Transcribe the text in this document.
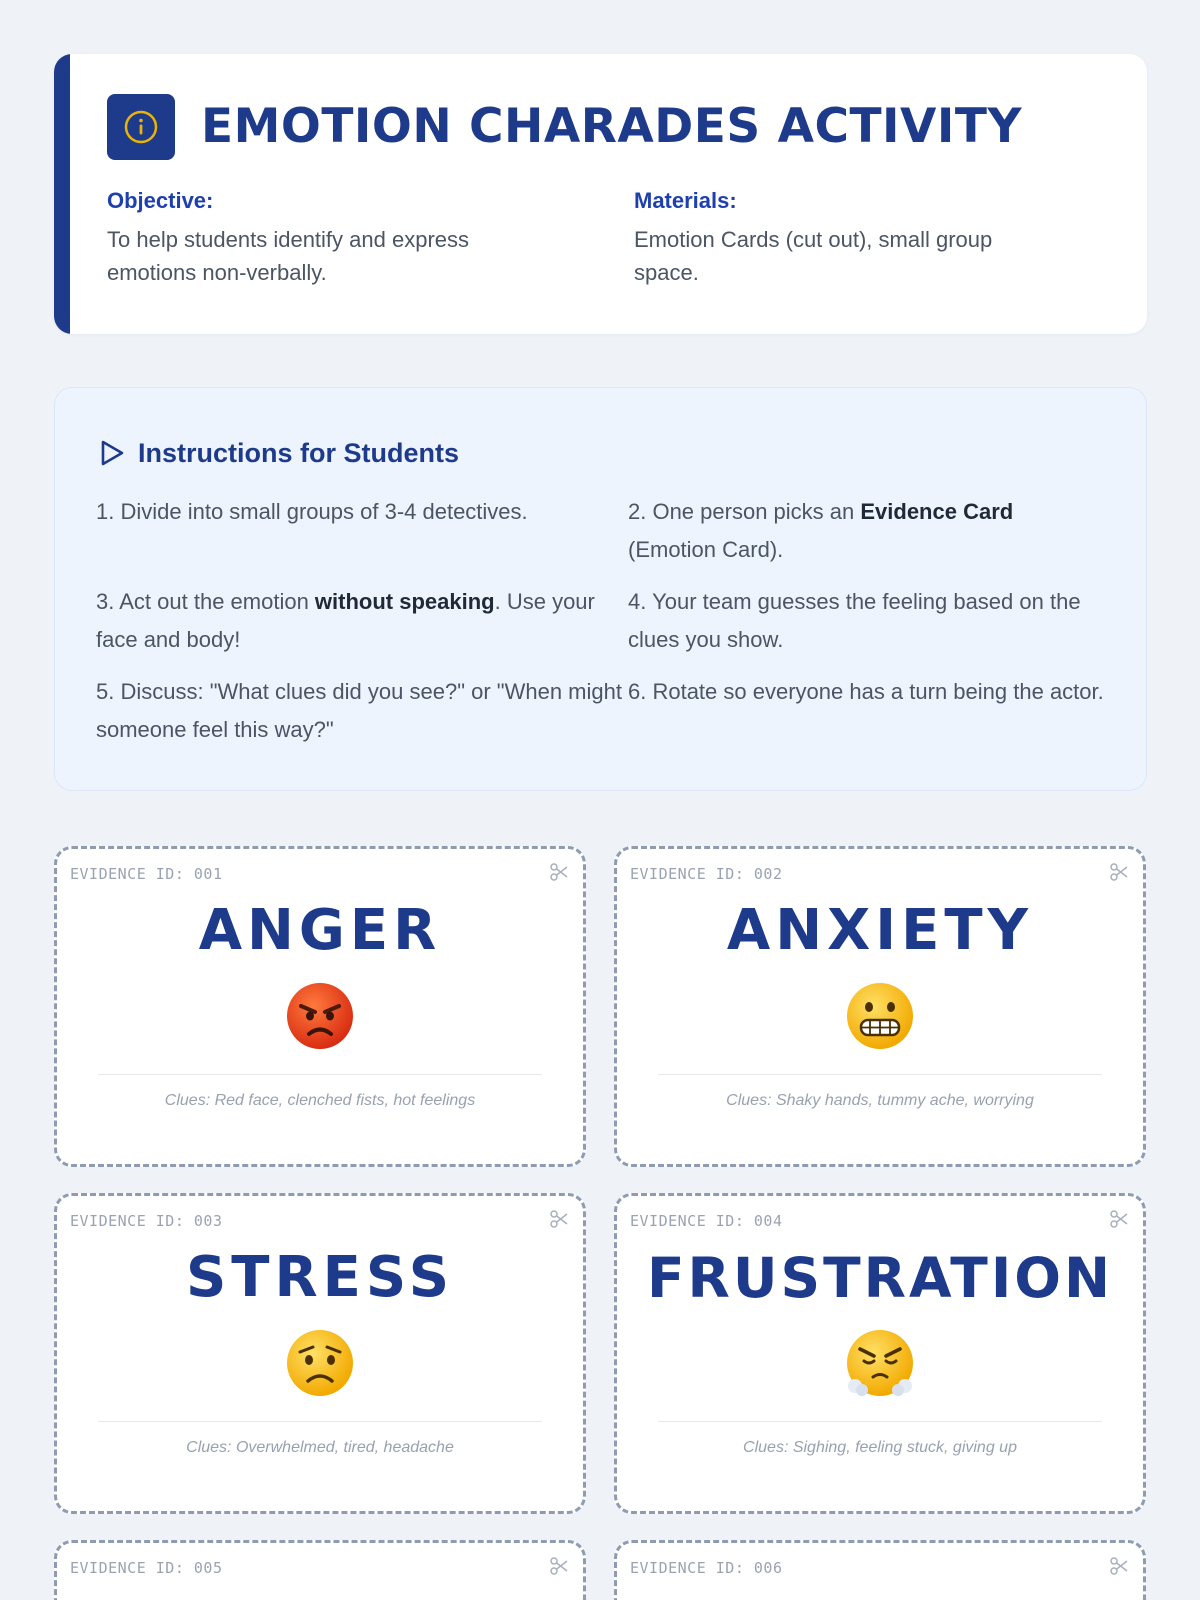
EMOTION CHARADES ACTIVITY
Objective:
To help students identify and express
emotions non-verbally.
Materials:
Emotion Cards (cut out), small group
space.
Instructions for Students

1. Divide into small groups of 3-4 detectives.	2. One person picks an Evidence Card (Emotion Card).

3. Act out the emotion without speaking. Use your face and body!

4. Your team guesses the feeling based on the clues you show.

5. Discuss: "What clues did you see?" or "When might someone feel this way?"

6. Rotate so everyone has a turn being the actor.

EVIDENCE ID: 001
ANGER
Clues: Red face, clenched fists, hot feelings
EVIDENCE ID: 002
ANXIETY
Clues: Shaky hands, tummy ache, worrying
EVIDENCE ID: 003
STRESS
Clues: Overwhelmed, tired, headache
EVIDENCE ID: 004
FRUSTRATION
Clues: Sighing, feeling stuck, giving up
EVIDENCE ID: 005	EVIDENCE ID: 006
